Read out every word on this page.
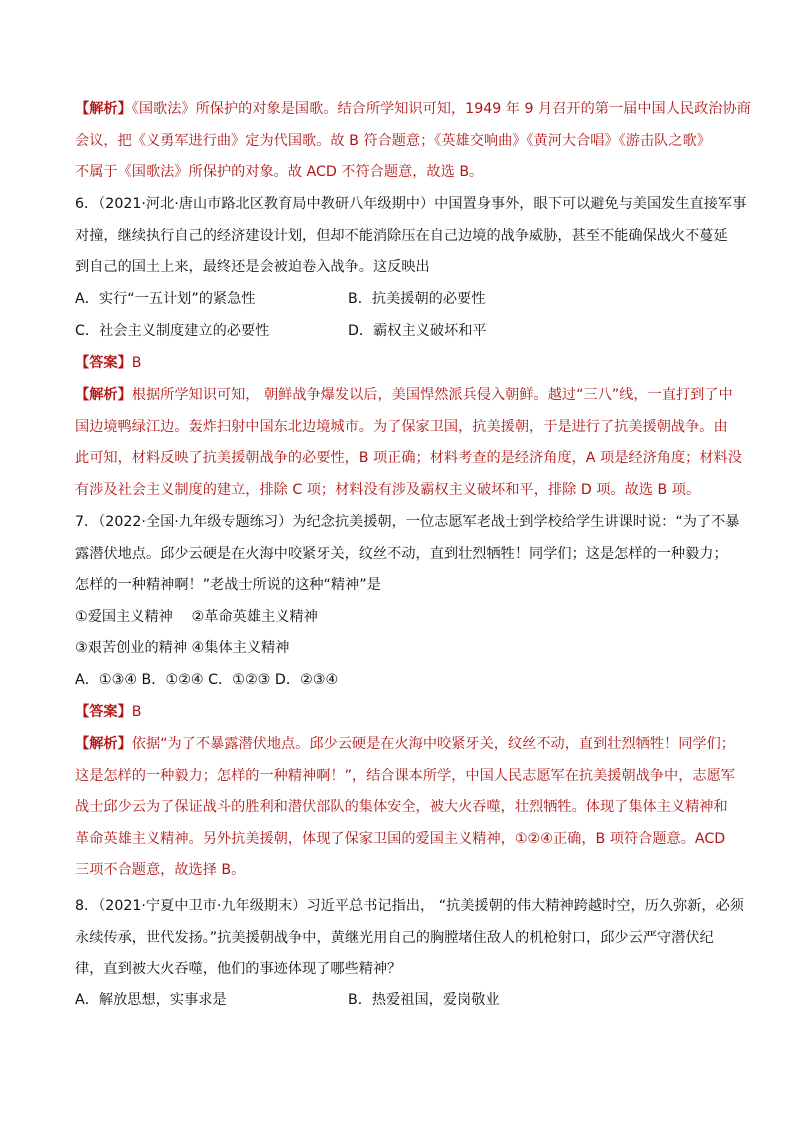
【解析】《国歌法》所保护的对象是国歌。结合所学知识可知，1949 年 9 月召开的第一届中国人民政治协商
会议，把《义勇军进行曲》定为代国歌。故 B 符合题意；《英雄交响曲》《黄河大合唱》《游击队之歌》
不属于《国歌法》所保护的对象。故 ACD 不符合题意，故选 B。
6．（2021·河北·唐山市路北区教育局中教研八年级期中）中国置身事外，眼下可以避免与美国发生直接军事
对撞，继续执行自己的经济建设计划，但却不能消除压在自己边境的战争威胁，甚至不能确保战火不蔓延
到自己的国土上来，最终还是会被迫卷入战争。这反映出
A．实行“一五计划”的紧急性	B．抗美援朝的必要性
C．社会主义制度建立的必要性	D．霸权主义破坏和平
【答案】B
【解析】根据所学知识可知， 朝鲜战争爆发以后，美国悍然派兵侵入朝鲜。越过“三八”线，一直打到了中
国边境鸭绿江边。轰炸扫射中国东北边境城市。为了保家卫国，抗美援朝，于是进行了抗美援朝战争。由
此可知，材料反映了抗美援朝战争的必要性，B 项正确；材料考查的是经济角度，A 项是经济角度；材料没
有涉及社会主义制度的建立，排除 C 项；材料没有涉及霸权主义破坏和平，排除 D 项。故选 B 项。
7．（2022·全国·九年级专题练习）为纪念抗美援朝，一位志愿军老战士到学校给学生讲课时说：“为了不暴
露潜伏地点。邱少云硬是在火海中咬紧牙关，纹丝不动，直到壮烈牺牲！同学们；这是怎样的一种毅力；
怎样的一种精神啊！”老战士所说的这种“精神”是
①爱国主义精神　 ②革命英雄主义精神
③艰苦创业的精神 ④集体主义精神
A．①③④ B．①②④ C．①②③ D．②③④
【答案】B
【解析】依据“为了不暴露潜伏地点。邱少云硬是在火海中咬紧牙关，纹丝不动，直到壮烈牺牲！同学们；
这是怎样的一种毅力；怎样的一种精神啊！”，结合课本所学，中国人民志愿军在抗美援朝战争中，志愿军
战士邱少云为了保证战斗的胜利和潜伏部队的集体安全，被大火吞噬，壮烈牺牲。体现了集体主义精神和
革命英雄主义精神。另外抗美援朝，体现了保家卫国的爱国主义精神，①②④正确，B 项符合题意。ACD
三项不合题意，故选择 B。
8．（2021·宁夏中卫市·九年级期末）习近平总书记指出， “抗美援朝的伟大精神跨越时空，历久弥新，必须
永续传承，世代发扬。”抗美援朝战争中，黄继光用自己的胸膛堵住敌人的机枪射口，邱少云严守潜伏纪
律，直到被大火吞噬，他们的事迹体现了哪些精神？
A．解放思想，实事求是	B．热爱祖国，爱岗敬业
